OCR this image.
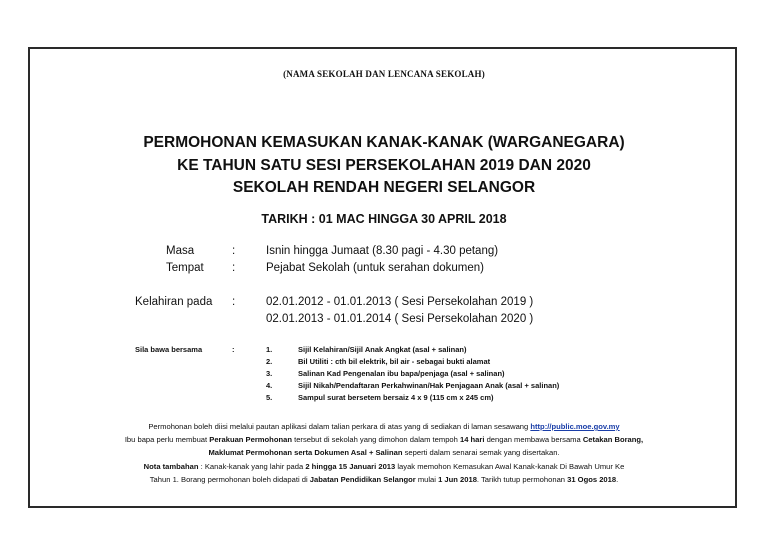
(NAMA SEKOLAH DAN LENCANA SEKOLAH)
PERMOHONAN KEMASUKAN KANAK-KANAK (WARGANEGARA)
KE TAHUN SATU SESI PERSEKOLAHAN 2019 DAN 2020
SEKOLAH RENDAH NEGERI SELANGOR
TARIKH : 01 MAC HINGGA 30 APRIL 2018
Masa	:	Isnin hingga Jumaat (8.30 pagi - 4.30 petang)
Tempat :	Pejabat Sekolah (untuk serahan dokumen)
Kelahiran pada :	02.01.2012 - 01.01.2013 ( Sesi Persekolahan 2019 )
02.01.2013 - 01.01.2014 ( Sesi Persekolahan 2020 )
Sila bawa bersama	:	1.	Sijil Kelahiran/Sijil Anak Angkat (asal + salinan)
2.	Bil Utiliti : cth bil elektrik, bil air - sebagai bukti alamat
3.	Salinan Kad Pengenalan ibu bapa/penjaga (asal + salinan)
4.	Sijil Nikah/Pendaftaran Perkahwinan/Hak Penjagaan Anak (asal + salinan)
5.	Sampul surat bersetem bersaiz 4 x 9 (115 cm x 245 cm)
Permohonan boleh diisi melalui pautan aplikasi dalam talian perkara di atas yang di sediakan di laman sesawang http://public.moe.gov.my
Ibu bapa perlu membuat Perakuan Permohonan tersebut di sekolah yang dimohon dalam tempoh 14 hari dengan membawa bersama Cetakan Borang,
Maklumat Permohonan serta Dokumen Asal + Salinan seperti dalam senarai semak yang disertakan.
Nota tambahan : Kanak-kanak yang lahir pada 2 hingga 15 Januari 2013 layak memohon Kemasukan Awal Kanak-kanak Di Bawah Umur Ke
Tahun 1. Borang permohonan boleh didapati di Jabatan Pendidikan Selangor mulai 1 Jun 2018. Tarikh tutup permohonan 31 Ogos 2018.
